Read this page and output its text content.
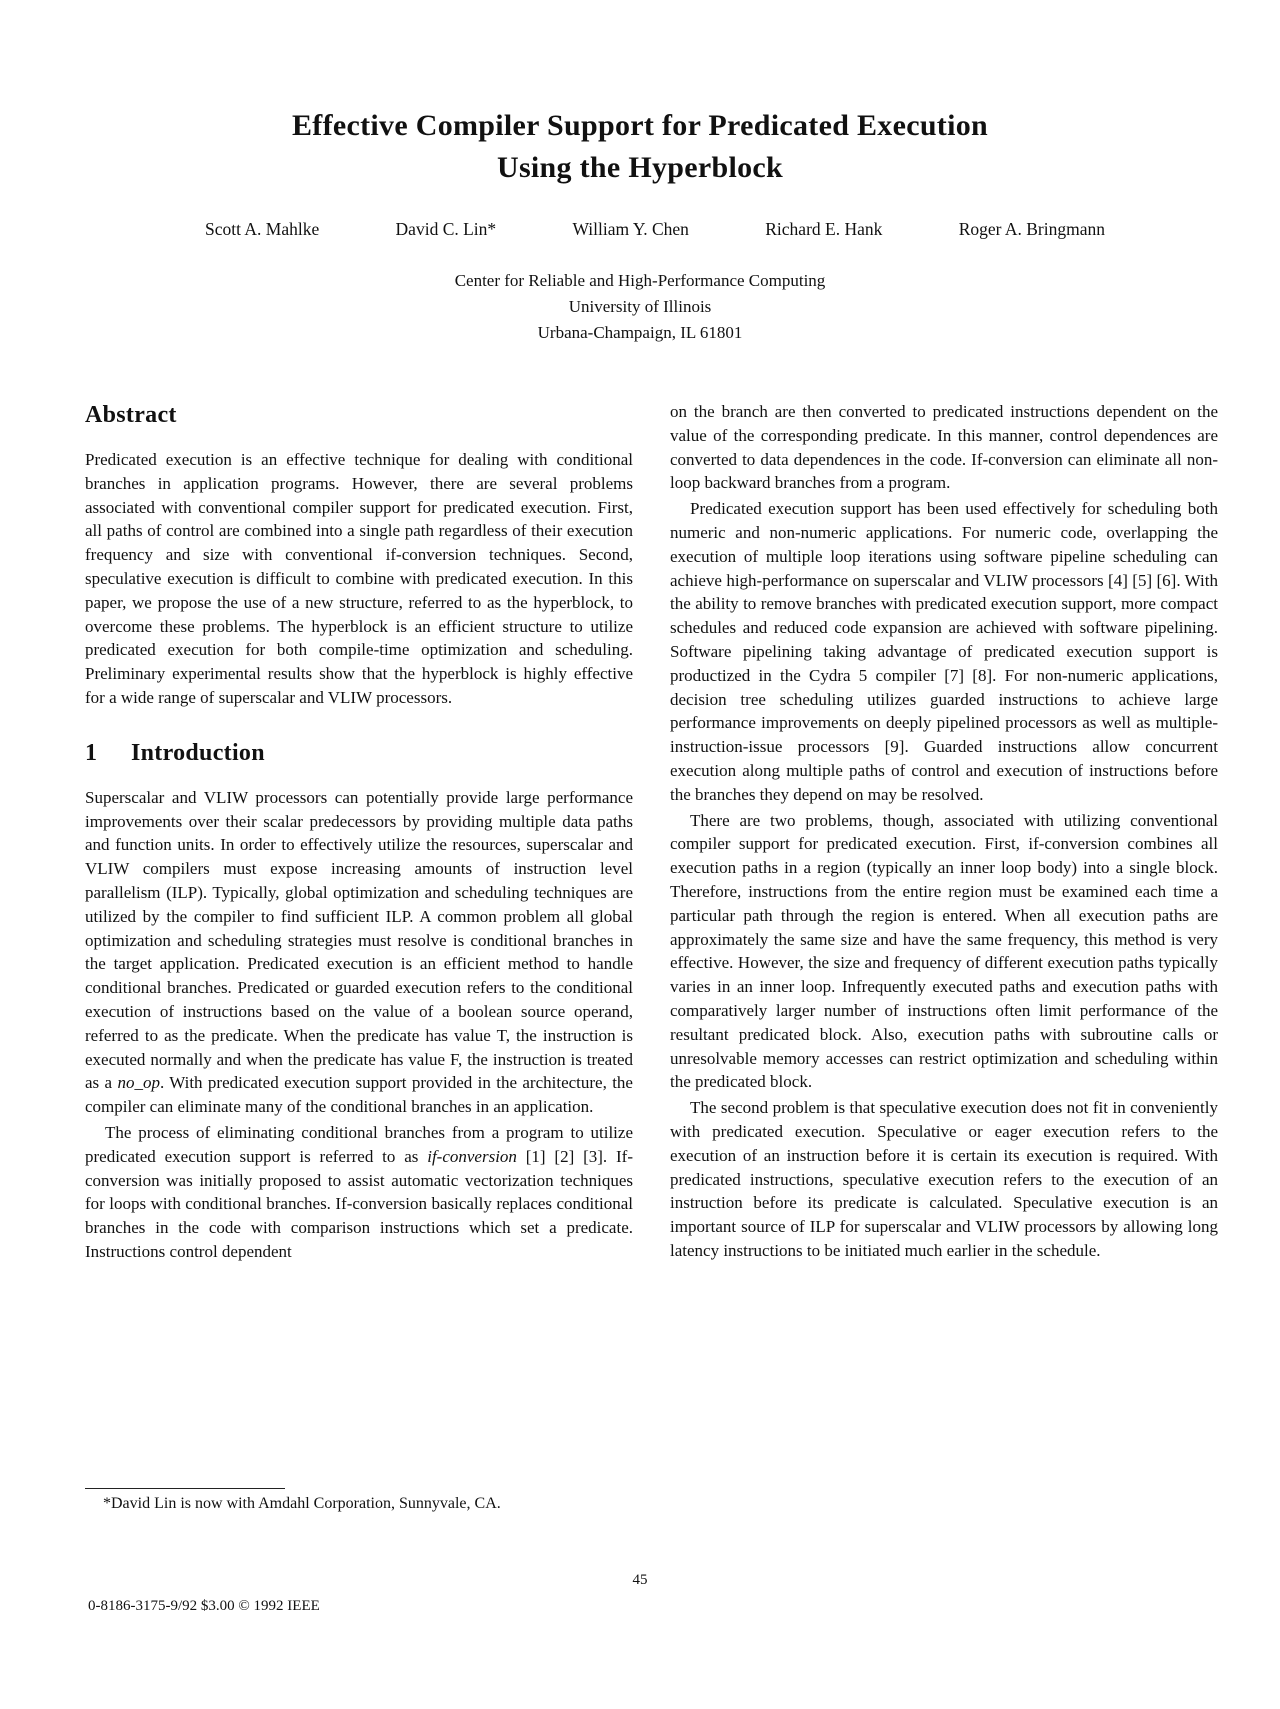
Effective Compiler Support for Predicated Execution
Using the Hyperblock
Scott A. Mahlke	David C. Lin*	William Y. Chen	Richard E. Hank	Roger A. Bringmann
Center for Reliable and High-Performance Computing
University of Illinois
Urbana-Champaign, IL 61801
Abstract

Predicated execution is an effective technique for dealing with conditional branches in application programs. However, there are several problems associated with conventional compiler support for predicated execution. First, all paths of control are combined into a single path regardless of their execution frequency and size with conventional if-conversion techniques. Second, speculative execution is difficult to combine with predicated execution. In this paper, we propose the use of a new structure, referred to as the hyperblock, to overcome these problems. The hyperblock is an efficient structure to utilize predicated execution for both compile-time optimization and scheduling. Preliminary experimental results show that the hyperblock is highly effective for a wide range of superscalar and VLIW processors.

1 Introduction

Superscalar and VLIW processors can potentially provide large performance improvements over their scalar predecessors by providing multiple data paths and function units. In order to effectively utilize the resources, superscalar and VLIW compilers must expose increasing amounts of instruction level parallelism (ILP). Typically, global optimization and scheduling techniques are utilized by the compiler to find sufficient ILP. A common problem all global optimization and scheduling strategies must resolve is conditional branches in the target application. Predicated execution is an efficient method to handle conditional branches. Predicated or guarded execution refers to the conditional execution of instructions based on the value of a boolean source operand, referred to as the predicate. When the predicate has value T, the instruction is executed normally and when the predicate has value F, the instruction is treated as a no_op. With predicated execution support provided in the architecture, the compiler can eliminate many of the conditional branches in an application.

The process of eliminating conditional branches from a program to utilize predicated execution support is referred to as if-conversion [1] [2] [3]. If-conversion was initially proposed to assist automatic vectorization techniques for loops with conditional branches. If-conversion basically replaces conditional branches in the code with comparison instructions which set a predicate. Instructions control dependent

*David Lin is now with Amdahl Corporation, Sunnyvale, CA.

on the branch are then converted to predicated instructions dependent on the value of the corresponding predicate. In this manner, control dependences are converted to data dependences in the code. If-conversion can eliminate all non-loop backward branches from a program.

Predicated execution support has been used effectively for scheduling both numeric and non-numeric applications. For numeric code, overlapping the execution of multiple loop iterations using software pipeline scheduling can achieve high-performance on superscalar and VLIW processors [4] [5] [6]. With the ability to remove branches with predicated execution support, more compact schedules and reduced code expansion are achieved with software pipelining. Software pipelining taking advantage of predicated execution support is productized in the Cydra 5 compiler [7] [8]. For non-numeric applications, decision tree scheduling utilizes guarded instructions to achieve large performance improvements on deeply pipelined processors as well as multiple-instruction-issue processors [9]. Guarded instructions allow concurrent execution along multiple paths of control and execution of instructions before the branches they depend on may be resolved.

There are two problems, though, associated with utilizing conventional compiler support for predicated execution. First, if-conversion combines all execution paths in a region (typically an inner loop body) into a single block. Therefore, instructions from the entire region must be examined each time a particular path through the region is entered. When all execution paths are approximately the same size and have the same frequency, this method is very effective. However, the size and frequency of different execution paths typically varies in an inner loop. Infrequently executed paths and execution paths with comparatively larger number of instructions often limit performance of the resultant predicated block. Also, execution paths with subroutine calls or unresolvable memory accesses can restrict optimization and scheduling within the predicated block.

The second problem is that speculative execution does not fit in conveniently with predicated execution. Speculative or eager execution refers to the execution of an instruction before it is certain its execution is required. With predicated instructions, speculative execution refers to the execution of an instruction before its predicate is calculated. Speculative execution is an important source of ILP for superscalar and VLIW processors by allowing long latency instructions to be initiated much earlier in the schedule.

45
0-8186-3175-9/92 $3.00 © 1992 IEEE
